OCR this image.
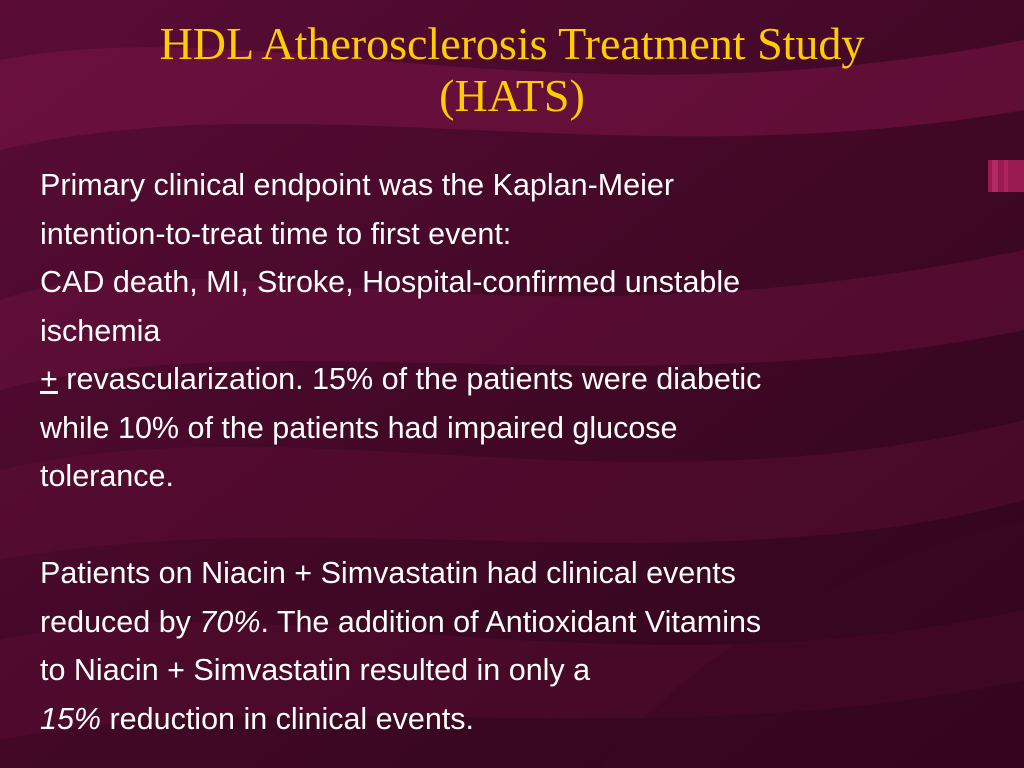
HDL Atherosclerosis Treatment Study
(HATS)
Primary clinical endpoint was the Kaplan-Meier
intention-to-treat time to first event:
CAD death, MI, Stroke, Hospital-confirmed unstable
ischemia
+ revascularization. 15% of the patients were diabetic
while 10% of the patients had impaired glucose
tolerance.
Patients on Niacin + Simvastatin had clinical events
reduced by 70%. The addition of Antioxidant Vitamins
to Niacin + Simvastatin resulted in only a
15% reduction in clinical events.
